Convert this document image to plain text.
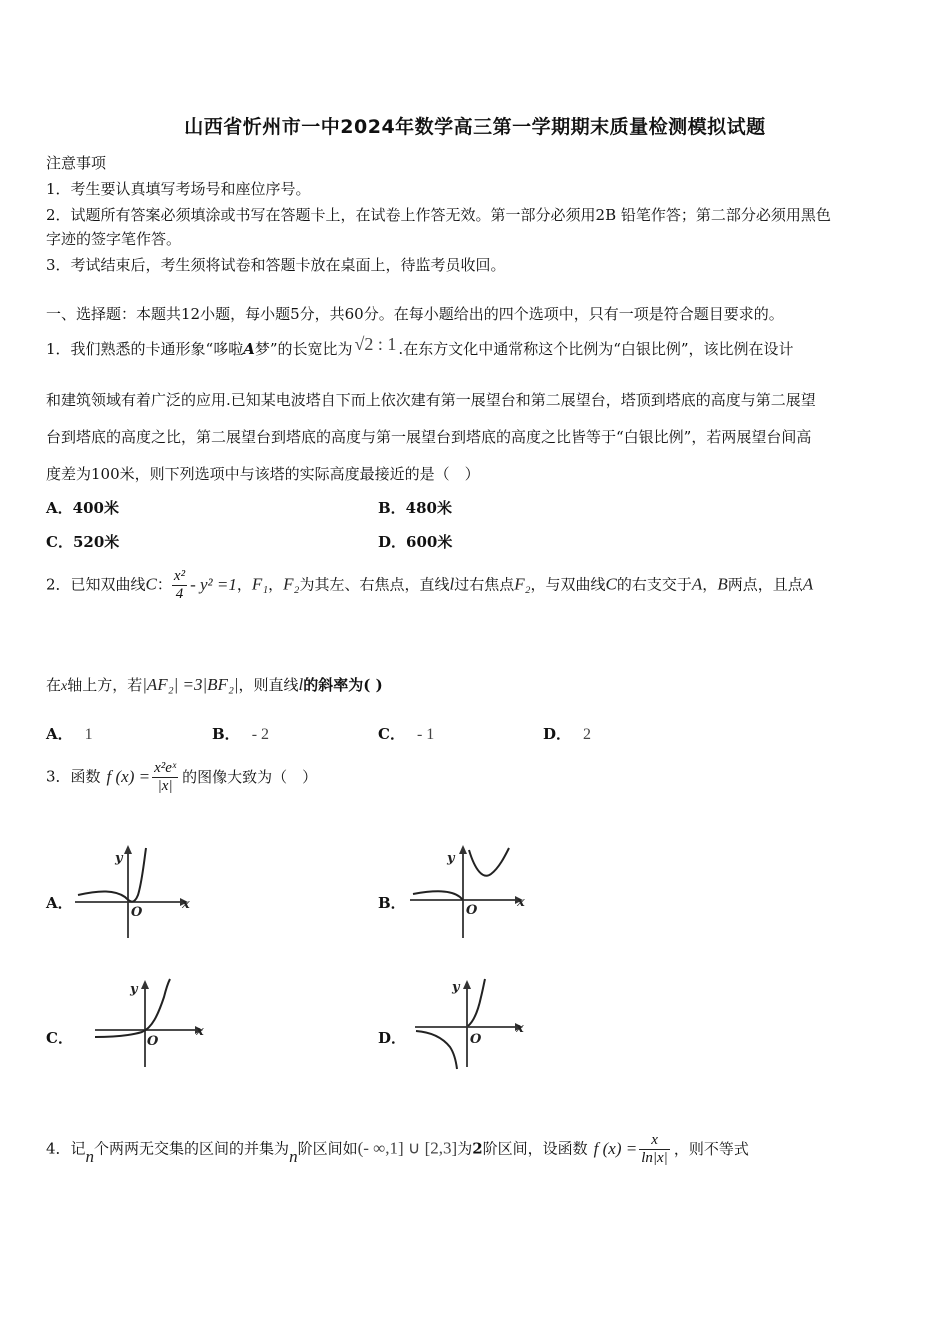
山西省忻州市一中2024年数学高三第一学期期末质量检测模拟试题
注意事项
1．考生要认真填写考场号和座位序号。
2．试题所有答案必须填涂或书写在答题卡上，在试卷上作答无效。第一部分必须用2B 铅笔作答；第二部分必须用黑色
字迹的签字笔作答。
3．考试结束后，考生须将试卷和答题卡放在桌面上，待监考员收回。
一、选择题：本题共12小题，每小题5分，共60分。在每小题给出的四个选项中，只有一项是符合题目要求的。
1．我们熟悉的卡通形象“哆啦A梦”的长宽比为 √2 : 1 .在东方文化中通常称这个比例为“白银比例”，该比例在设计
和建筑领域有着广泛的应用.已知某电波塔自下而上依次建有第一展望台和第二展望台，塔顶到塔底的高度与第二展望
台到塔底的高度之比，第二展望台到塔底的高度与第一展望台到塔底的高度之比皆等于“白银比例”，若两展望台间高
度差为100米，则下列选项中与该塔的实际高度最接近的是（　）
A．400米	B．480米
C．520米	D．600米
2．已知双曲线C： $\frac{\text{x²}}{4} - y^2 =1$，F₁，F₂为其左、右焦点，直线l过右焦点F₂，与双曲线C的右支交于A，B两点，且点A
在x轴上方，若|AF₂| =3|BF₂|，则直线l的斜率为( )
A． 1	B． - 2	C． - 1	D． 2
3．函数 f $(x) = \frac{\text{x²eˣ}}{|x|}$ 的图像大致为（　）
A．	B．
C．	D．
x
y
O
x
y
O
x
y
O
x
y
O
4．记n个两两无交集的区间的并集为n阶区间如(- ∞,1] ∪ [2,3]为2阶区间，设函数 f $(x) = \frac{x}{\ln|x|}$ ，则不等式
